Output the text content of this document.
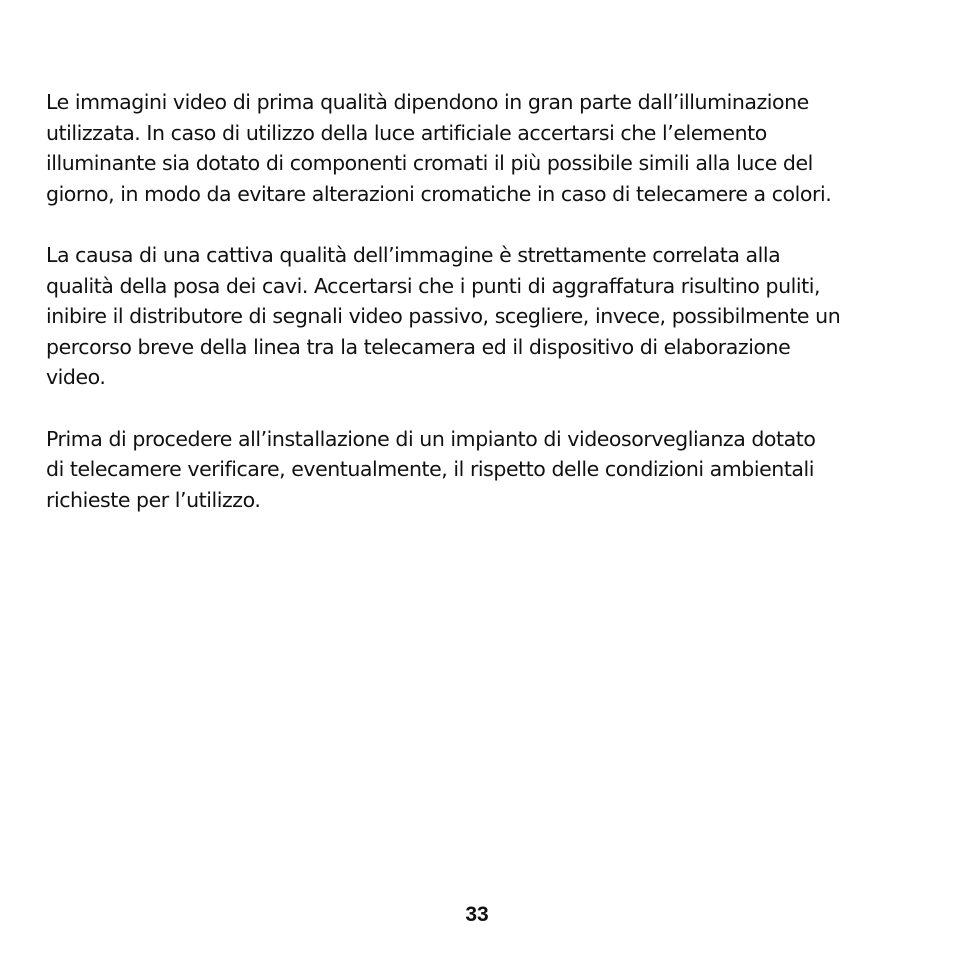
Le immagini video di prima qualità dipendono in gran parte dall’illuminazione
utilizzata. In caso di utilizzo della luce artificiale accertarsi che l’elemento
illuminante sia dotato di componenti cromati il più possibile simili alla luce del
giorno, in modo da evitare alterazioni cromatiche in caso di telecamere a colori.

La causa di una cattiva qualità dell’immagine è strettamente correlata alla
qualità della posa dei cavi. Accertarsi che i punti di aggraffatura risultino puliti,
inibire il distributore di segnali video passivo, scegliere, invece, possibilmente un
percorso breve della linea tra la telecamera ed il dispositivo di elaborazione
video.

Prima di procedere all’installazione di un impianto di videosorveglianza dotato
di telecamere verificare, eventualmente, il rispetto delle condizioni ambientali
richieste per l’utilizzo.

33
